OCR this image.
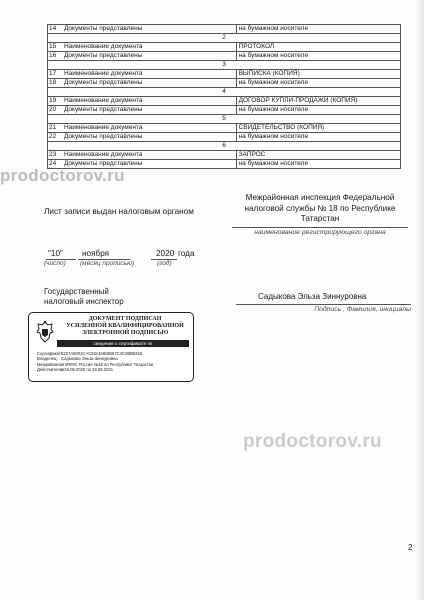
14	Документы представлены	на бумажном носителе
2		
15	Наименование документа	ПРОТОКОЛ
16	Документы представлены	на бумажном носителе
3		
17	Наименование документа	ВЫПИСКА (КОПИЯ)
18	Документы представлены	на бумажном носителе
4		
19	Наименование документа	ДОГОВОР КУПЛИ-ПРОДАЖИ (КОПИЯ)
20	Документы представлены	на бумажном носителе
5		
21	Наименование документа	СВИДЕТЕЛЬСТВО (КОПИЯ)
22	Документы представлены	на бумажном носителе
6		
23	Наименование документа	ЗАПРОС
24	Документы представлены	на бумажном носителе
prodoctorov.ru
Лист записи выдан налоговым органом
Межрайонная инспекция Федеральной
налоговой службы № 18 по Республике
Татарстан
наименование регистрирующего органа
"10" ноября	2020 года
(число) (месяц прописью)	(год)
Государственный
налоговый инспектор
Садыкова Эльза Зиннуровна
Подпись , Фамилия, инициалы
ДОКУМЕНТ ПОДПИСАН
УСИЛЕННОЙ КВАЛИФИЦИРОВАННОЙ
ЭЛЕКТРОННОЙ ПОДПИСЬЮ
сведения о сертификате эп
Сертификат:5237A6001CAC92AD4E6B67C4C2BB5315
Владелец: Садыкова Эльза Зиннуровна
Межрайонная ИФНС России №18 по Республике Татарстан
Действителен:с 19.08.2020 по 19.08.2021
prodoctorov.ru
2
